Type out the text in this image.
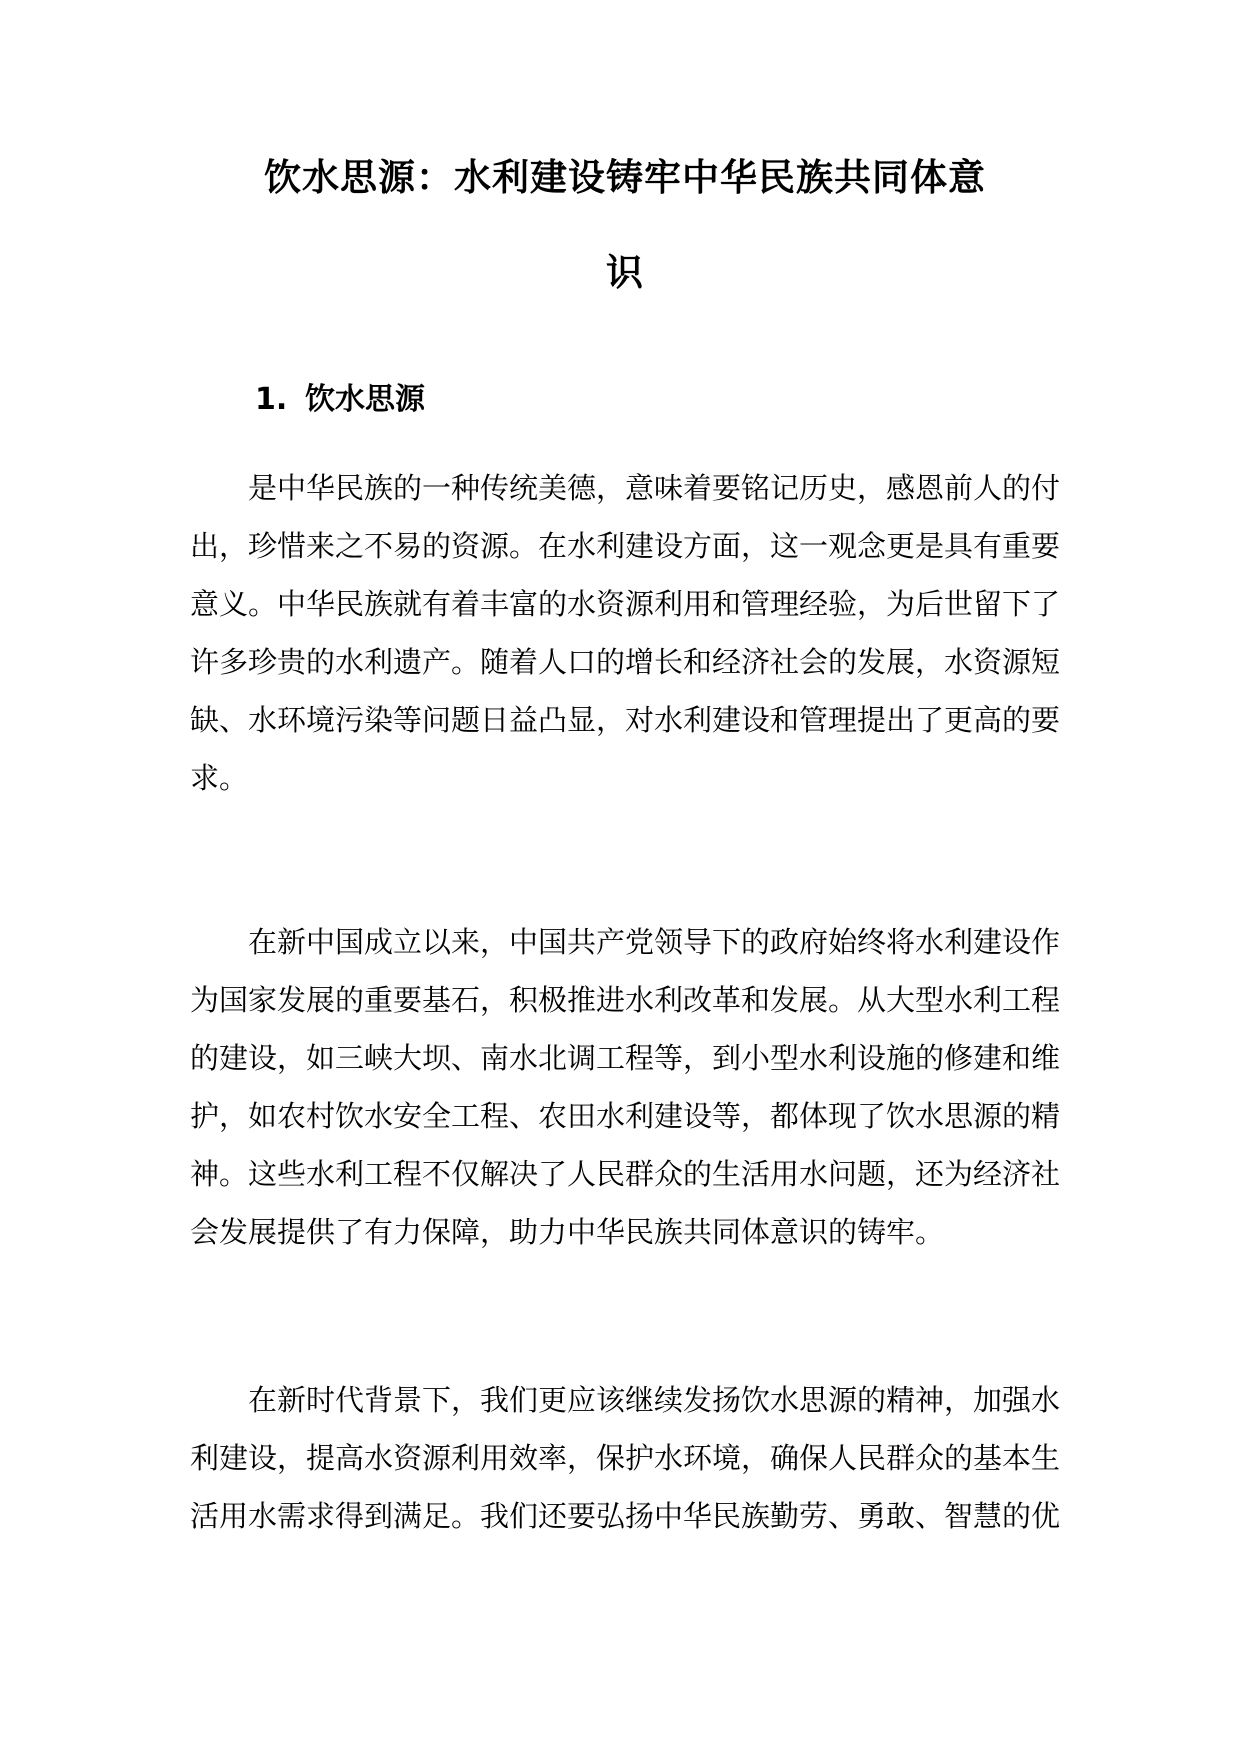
饮水思源：水利建设铸牢中华民族共同体意
识
1. 饮水思源

是中华民族的一种传统美德，意味着要铭记历史，感恩前人的付出，珍惜来之不易的资源。在水利建设方面，这一观念更是具有重要意义。中华民族就有着丰富的水资源利用和管理经验，为后世留下了许多珍贵的水利遗产。随着人口的增长和经济社会的发展，水资源短缺、水环境污染等问题日益凸显，对水利建设和管理提出了更高的要求。

在新中国成立以来，中国共产党领导下的政府始终将水利建设作为国家发展的重要基石，积极推进水利改革和发展。从大型水利工程的建设，如三峡大坝、南水北调工程等，到小型水利设施的修建和维护，如农村饮水安全工程、农田水利建设等，都体现了饮水思源的精神。这些水利工程不仅解决了人民群众的生活用水问题，还为经济社会发展提供了有力保障，助力中华民族共同体意识的铸牢。

在新时代背景下，我们更应该继续发扬饮水思源的精神，加强水利建设，提高水资源利用效率，保护水环境，确保人民群众的基本生活用水需求得到满足。我们还要弘扬中华民族勤劳、勇敢、智慧的优
